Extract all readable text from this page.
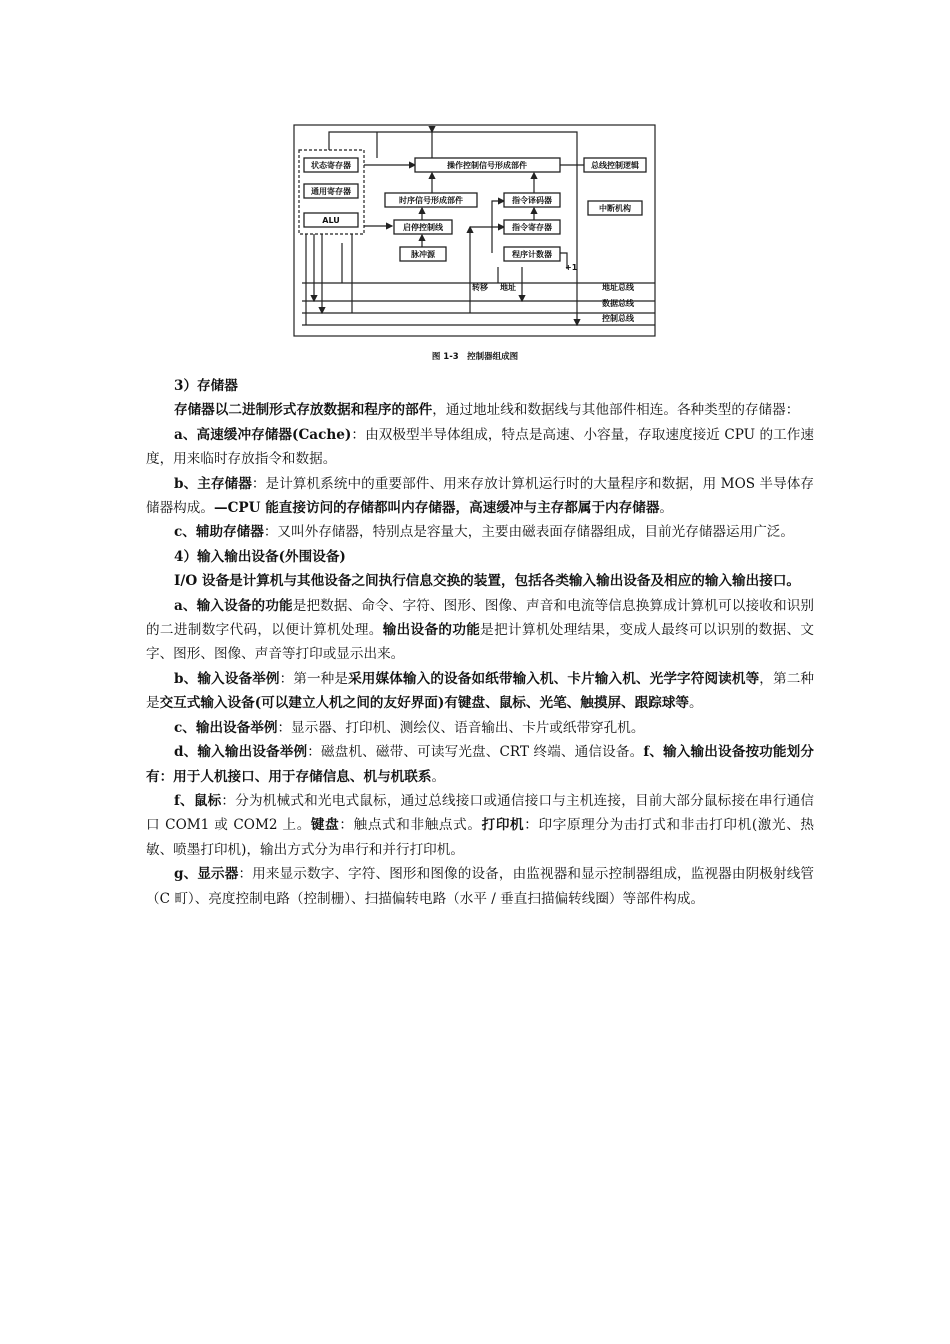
状态寄存器
通用寄存器
ALU
操作控制信号形成部件	总线控制逻辑
时序信号形成部件	指令译码器
中断机构
启停控制线	指令寄存器
脉冲源	程序计数器
+1
转移 地址	地址总线
数据总线
控制总线
图 1-3　控制器组成图

3）存储器

存储器以二进制形式存放数据和程序的部件，通过地址线和数据线与其他部件相连。各种类型的存储器：

a、高速缓冲存储器(Cache)：由双极型半导体组成，特点是高速、小容量，存取速度接近 CPU 的工作速度，用来临时存放指令和数据。

b、主存储器：是计算机系统中的重要部件、用来存放计算机运行时的大量程序和数据，用 MOS 半导体存储器构成。—CPU 能直接访问的存储都叫内存储器，高速缓冲与主存都属于内存储器。

c、辅助存储器：又叫外存储器，特别点是容量大，主要由磁表面存储器组成，目前光存储器运用广泛。

4）输入输出设备(外围设备)

I/O 设备是计算机与其他设备之间执行信息交换的装置，包括各类输入输出设备及相应的输入输出接口。

a、输入设备的功能是把数据、命令、字符、图形、图像、声音和电流等信息换算成计算机可以接收和识别的二进制数字代码，以便计算机处理。输出设备的功能是把计算机处理结果，变成人最终可以识别的数据、文字、图形、图像、声音等打印或显示出来。

b、输入设备举例：第一种是采用媒体输入的设备如纸带输入机、卡片输入机、光学字符阅读机等，第二种是交互式输入设备(可以建立人机之间的友好界面)有键盘、鼠标、光笔、触摸屏、跟踪球等。

c、输出设备举例：显示器、打印机、测绘仪、语音输出、卡片或纸带穿孔机。

d、输入输出设备举例：磁盘机、磁带、可读写光盘、CRT 终端、通信设备。f、输入输出设备按功能划分有：用于人机接口、用于存储信息、机与机联系。

f、鼠标：分为机械式和光电式鼠标，通过总线接口或通信接口与主机连接，目前大部分鼠标接在串行通信口 COM1 或 COM2 上。键盘：触点式和非触点式。打印机：印字原理分为击打式和非击打印机(激光、热敏、喷墨打印机)，输出方式分为串行和并行打印机。

g、显示器：用来显示数字、字符、图形和图像的设备，由监视器和显示控制器组成，监视器由阴极射线管（C 町）、亮度控制电路（控制栅）、扫描偏转电路（水平 / 垂直扫描偏转线圈）等部件构成。
